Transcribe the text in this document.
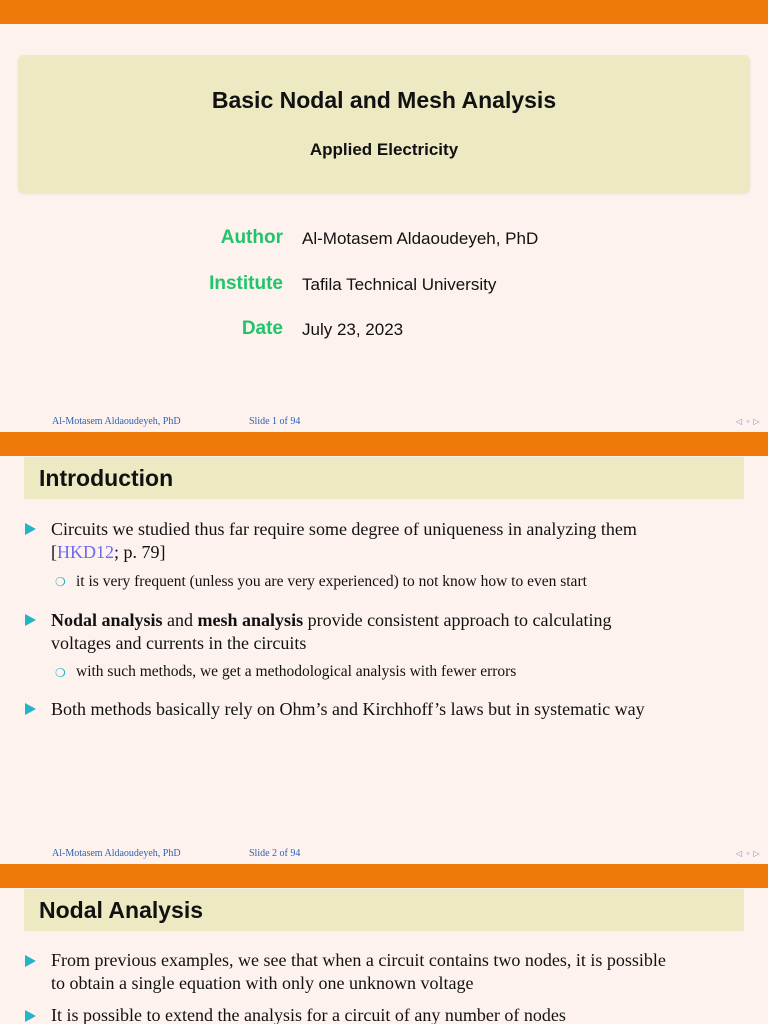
Basic Nodal and Mesh Analysis
Applied Electricity
Author Al-Motasem Aldaoudeyeh, PhD
Institute Tafila Technical University
Date July 23, 2023
Al-Motasem Aldaoudeyeh, PhD	Slide 1 of 94	◁ ▫ ▷
Introduction
Circuits we studied thus far require some degree of uniqueness in analyzing them
[HKD12; p. 79]
❍ it is very frequent (unless you are very experienced) to not know how to even start
Nodal analysis and mesh analysis provide consistent approach to calculating
voltages and currents in the circuits
❍ with such methods, we get a methodological analysis with fewer errors
Both methods basically rely on Ohm’s and Kirchhoff’s laws but in systematic way
Al-Motasem Aldaoudeyeh, PhD	Slide 2 of 94	◁ ▫ ▷
Nodal Analysis
From previous examples, we see that when a circuit contains two nodes, it is possible
to obtain a single equation with only one unknown voltage
It is possible to extend the analysis for a circuit of any number of nodes
